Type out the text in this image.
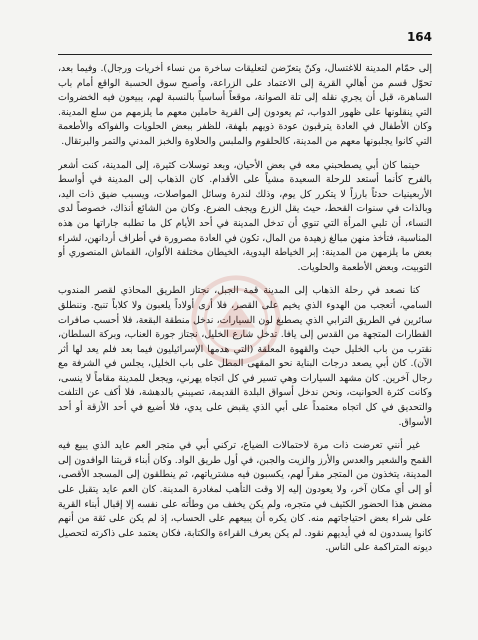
164

إلى حمّام المدينة للاغتسال، وكنّ يتعرّضن لتعليقات ساخرة من نساء أخريات ورجال). وفيما بعد، تحوّل قسم من أهالي القرية إلى الاعتماد على الزراعة، وأصبح سوق الحسبة الواقع أمام باب الساهرة، قبل أن يجري نقله إلى تلة الصوانة، موقعاً أساسياً بالنسبة لهم، يبيعون فيه الخضروات التي ينقلونها على ظهور الدواب، ثم يعودون إلى القرية حاملين معهم ما يلزمهم من سلع المدينة. وكان الأطفال في العادة يترقبون عودة ذويهم بلهفة، للظفر ببعض الحلويات والفواكه والأطعمة التي كانوا يجلبونها معهم من المدينة، كالحلقوم والملبس والحلاوة والخبز المدني والتمر والبرتقال.

حينما كان أبي يصطحبني معه في بعض الأحيان، وبعد توسلات كثيرة، إلى المدينة، كنت أشعر بالفرح كأنما أستعد للرحلة السعيدة مشياً على الأقدام. كان الذهاب إلى المدينة في أواسط الأربعينيات حدثاً بارزاً لا يتكرر كل يوم، وذلك لندرة وسائل المواصلات، ويسبب ضيق ذات اليد، وبالذات في سنوات القحط، حيث يقل الزرع ويجف الضرع. وكان من الشائع أنذاك، خصوصاً لدى النساء، أن تلبي المرأة التي تنوي أن تدخل المدينة في أحد الأيام كل ما تطلبه جاراتها من هذه المناسبة، فتأخذ منهن مبالغ زهيدة من المال، تكون في العادة مصرورة في أطراف أردانهن، لشراء بعض ما يلزمهن من المدينة: إبر الخياطة اليدوية، الخيطان مختلفة الألوان، القماش المنصوري أو التوبيت، وبعض الأطعمة والحلويات.

كنا نصعد في رحلة الذهاب إلى المدينة قمة الجبل، نجتاز الطريق المحاذي لقصر المندوب السامي، أتعجب من الهدوء الذي يخيم على القصر، فلا أرى أولاداً يلعبون ولا كلاباً تنبح. وننطلق سائرين في الطريق الترابي الذي يصطبغ لون السيارات، ندخل منطقة البقعة، فلا أحسب صافرات القطارات المتجهة من القدس إلى يافا. تدخل شارع الخليل، نجتاز جورة العناب، وبركة السلطان، نقترب من باب الخليل حيث والقهوة المعلقة (التي هدمها الإسرائيليون فيما بعد فلم يعد لها أثر الآن). كان أبي يصعد درجات البناية نحو المقهى المطل على باب الخليل، يجلس في الشرفة مع رجال آخرين. كان مشهد السيارات وهي تسير في كل اتجاه يهرني، ويجعل للمدينة مقاماً لا ينسى، وكانت كثرة الحوانيت، ونحن ندخل أسواق البلدة القديمة، تصيبني بالدهشة، فلا أكف عن التلفت والتحديق في كل اتجاه معتمداً على أبي الذي يقبض على يدي، فلا أضيع في أحد الأزقة أو أحد الأسواق.

غير أنني تعرضت ذات مرة لاحتمالات الضياع، تركني أبي في متجر العم عايد الذي يبيع فيه القمح والشعير والعدس والأرز والزيت والجبن، في أول طريق الواد. وكان أبناء قريتنا الوافدون إلى المدينة، يتخذون من المتجر مقراً لهم، يكسبون فيه مشترياتهم، ثم ينطلقون إلى المسجد الأقصى، أو إلى أي مكان آخر، ولا يعودون إليه إلا وقت التأهب لمغادرة المدينة. كان العم عايد يتقبل على مضض هذا الحضور الكثيف في متجره، ولم يكن يخفف من وطأته على نفسه إلا إقبال أبناء القرية على شراء بعض احتياجاتهم منه. كان يكره أن يبيعهم على الحساب، إذ لم يكن على ثقة من أنهم كانوا يسددون له في أيديهم نقود. لم يكن يعرف القراءة والكتابة، فكان يعتمد على ذاكرته لتحصيل ديونه المتراكمة على الناس.
